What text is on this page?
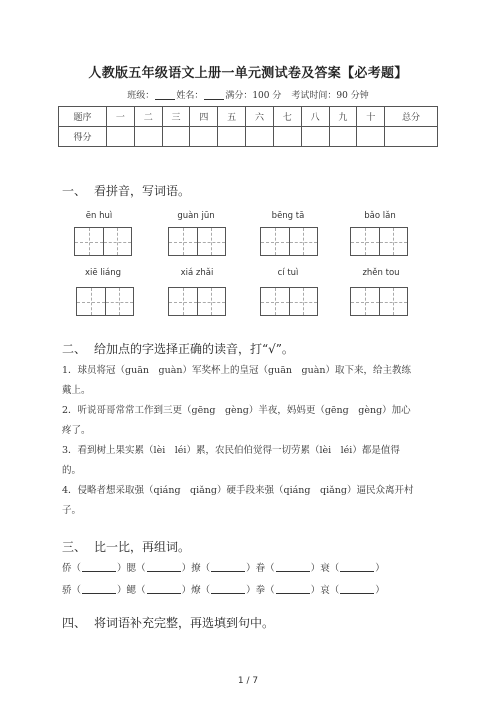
人教版五年级语文上册一单元测试卷及答案【必考题】
班级： 姓名： 满分：100 分 考试时间：90 分钟
题序	一	二	三	四	五	六	七	八	九	十	总分
得分											
一、 看拼音，写词语。
ēn huì	guàn jūn	bēng tā	bǎo lǎn
xiē liáng	xiá zhǎi	cí tuì	zhěn tou
二、 给加点的字选择正确的读音，打“√”。
1．球员将冠（guān　guàn）军奖杯上的皇冠（guān　guàn）取下来，给主教练
戴上。
2．听说哥哥常常工作到三更（gēng　gèng）半夜，妈妈更（gēng　gèng）加心
疼了。
3．看到树上果实累（lèi　léi）累，农民伯伯觉得一切劳累（lèi　léi）都是值得
的。
4．侵略者想采取强（qiáng　qiǎng）硬手段来强（qiáng　qiǎng）逼民众离开村
子。
三、 比一比，再组词。
侨（	）腮（	）撩（	）眷（	）衰（	）
骄（	）鳃（	）燎（	）拳（	）哀（	）
四、 将词语补充完整，再选填到句中。
1 / 7
